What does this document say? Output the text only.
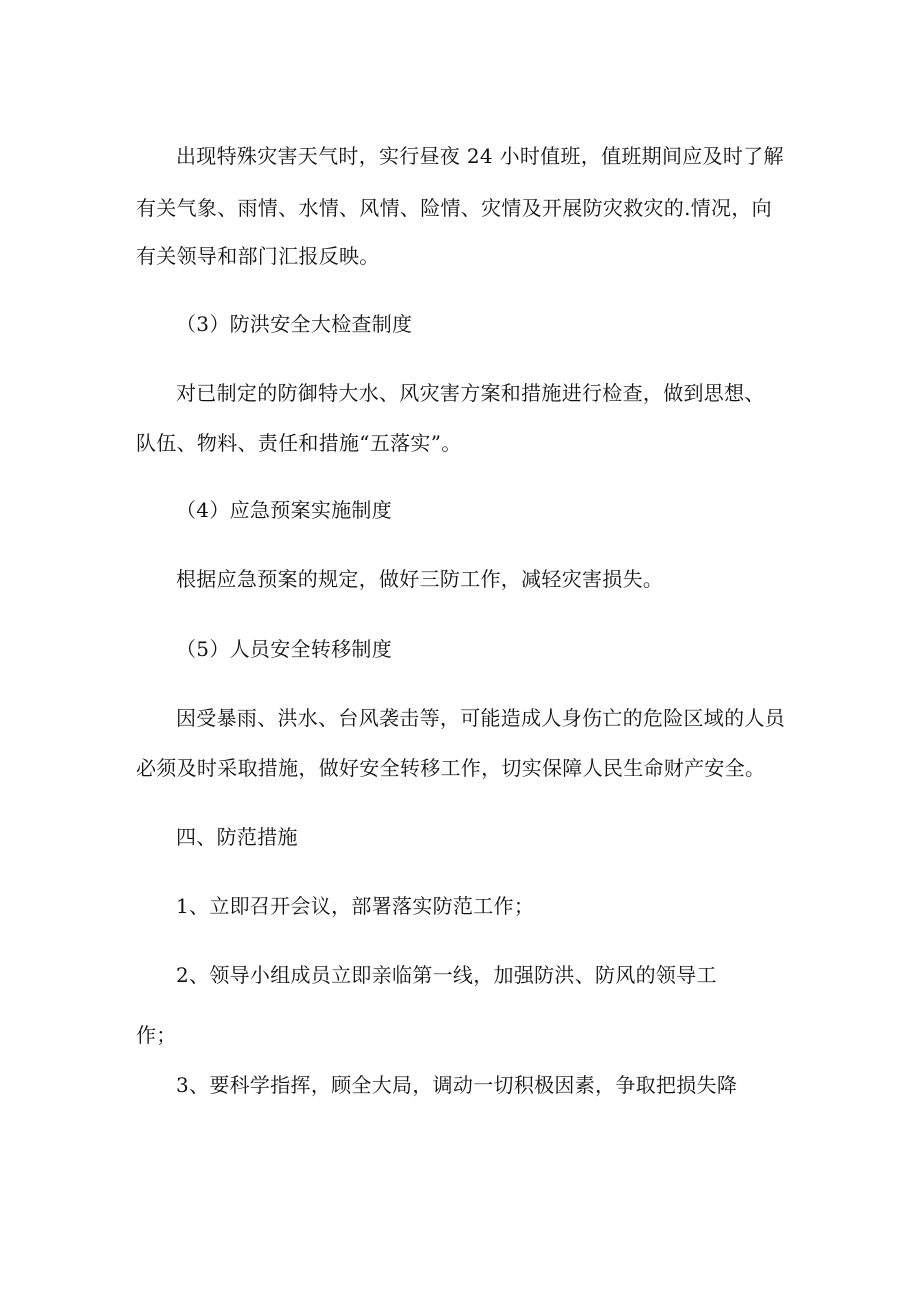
出现特殊灾害天气时，实行昼夜 24 小时值班，值班期间应及时了解

有关气象、雨情、水情、风情、险情、灾情及开展防灾救灾的.情况，向

有关领导和部门汇报反映。

（3）防洪安全大检查制度

对已制定的防御特大水、风灾害方案和措施进行检查，做到思想、

队伍、物料、责任和措施“五落实”。

（4）应急预案实施制度

根据应急预案的规定，做好三防工作，减轻灾害损失。

（5）人员安全转移制度

因受暴雨、洪水、台风袭击等，可能造成人身伤亡的危险区域的人员

必须及时采取措施，做好安全转移工作，切实保障人民生命财产安全。

四、防范措施

1、立即召开会议，部署落实防范工作；

2、领导小组成员立即亲临第一线，加强防洪、防风的领导工

作；

3、要科学指挥，顾全大局，调动一切积极因素，争取把损失降
